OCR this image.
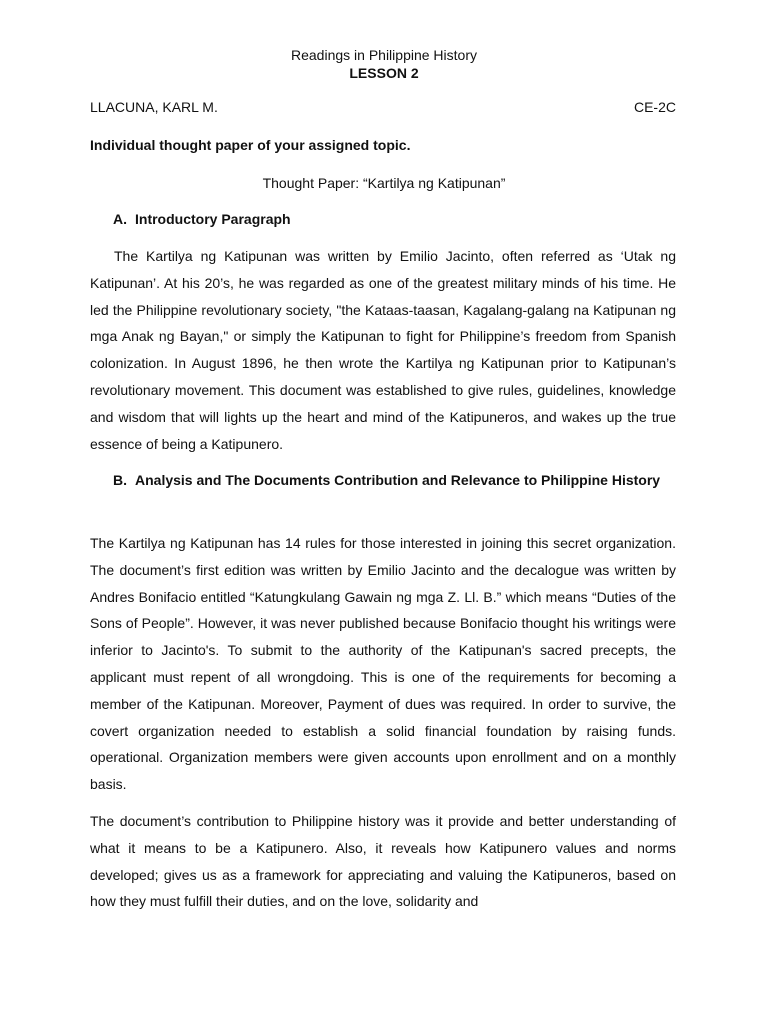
Readings in Philippine History
LESSON 2
LLACUNA, KARL M.	CE-2C
Individual thought paper of your assigned topic.
Thought Paper: “Kartilya ng Katipunan”
A. Introductory Paragraph

The Kartilya ng Katipunan was written by Emilio Jacinto, often referred as ‘Utak ng Katipunan’. At his 20’s, he was regarded as one of the greatest military minds of his time. He led the Philippine revolutionary society, "the Kataas-taasan, Kagalang-galang na Katipunan ng mga Anak ng Bayan," or simply the Katipunan to fight for Philippine’s freedom from Spanish colonization. In August 1896, he then wrote the Kartilya ng Katipunan prior to Katipunan’s revolutionary movement. This document was established to give rules, guidelines, knowledge and wisdom that will lights up the heart and mind of the Katipuneros, and wakes up the true essence of being a Katipunero.

B. Analysis and The Documents Contribution and Relevance to Philippine History

The Kartilya ng Katipunan has 14 rules for those interested in joining this secret organization. The document’s first edition was written by Emilio Jacinto and the decalogue was written by Andres Bonifacio entitled “Katungkulang Gawain ng mga Z. Ll. B.” which means “Duties of the Sons of People”. However, it was never published because Bonifacio thought his writings were inferior to Jacinto's. To submit to the authority of the Katipunan's sacred precepts, the applicant must repent of all wrongdoing. This is one of the requirements for becoming a member of the Katipunan. Moreover, Payment of dues was required. In order to survive, the covert organization needed to establish a solid financial foundation by raising funds. operational. Organization members were given accounts upon enrollment and on a monthly basis.

The document’s contribution to Philippine history was it provide and better understanding of what it means to be a Katipunero. Also, it reveals how Katipunero values and norms developed; gives us as a framework for appreciating and valuing the Katipuneros, based on how they must fulfill their duties, and on the love, solidarity and
